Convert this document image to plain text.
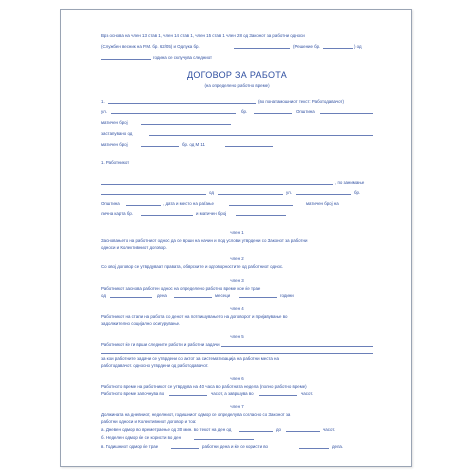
Врз основа на член 13 став 1, член 14 став 1, член 15 став 1 член 28 од Законот за работни односи
(Службен весник на Р.М. бр. 62/05) и Одлука бр.	(Решение бр.	) од
година се склучува следниот
ДОГОВОР ЗА РАБОТА
(на определено работно време)
1.	(во понатамошниот текст: Работодавачот)
ул.	бр.	Општина
матичен број
застапувано од
матичен број	бр. од М 11
1. Работникот
, по занимање
од	ул.	бр.
Општина	, дата и место на раѓање	матичен број на
лична карта бр.	и матичен број
член 1
Засновањето на работниот однос да се врши на начин и под услови утврдени со Законот за работни
односи и Колективниот договор.
член 2
Со овој договор се утврдуваат правата, обврските и одговорностите од работниот однос.
член 3
Работникот заснова работен однос на определено работно време кое ќе трае
од	дена	месеци	години
член 4
Работникот на стапи на работа со денот на потпишувањето на договорот и пријавување во
задолжително социјално осигурување.
член 5
Работникот ќе ги врши следните работи и работни задачи
за кои работните задачи се утврдени со актот за систематизација на работни места на
работодавачот. односно утврдени од работодавачот.
член 6
Работното време на работникот се утврдува на 40 часа во работната недела (полно работно време)
Работното време започнува во	часот, а завршува во	часот.
член 7
Должината на дневниот, неделниот, годишниот одмор се определува согласно со Законот за
работни односи и Колективниот договор и тоа:
а. Дневен одмор во времетраење од 30 мин. во текот на ден од	до	часот.
б. Неделен одмор ќе се користи во ден
в. Годишниот одмор ќе трае	работни дена и ќе се користи во	дела.
